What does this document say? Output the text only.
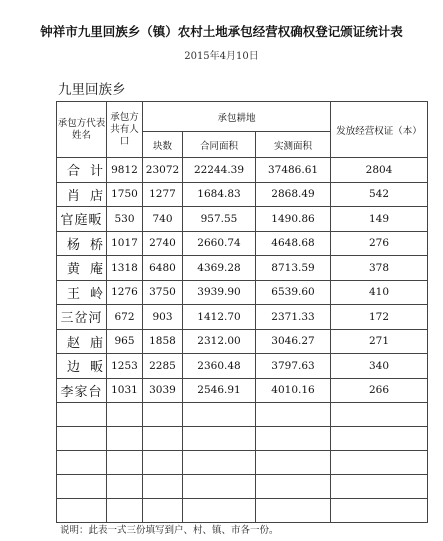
钟祥市九里回族乡（镇）农村土地承包经营权确权登记颁证统计表
2015年4月10日
九里回族乡
承包方代表姓名	承包方共有人口	承包耕地			发放经营权证（本）
		块数	合同面积	实测面积	
合计	9812	23072	22244.39	37486.61	2804
肖店	1750	1277	1684.83	2868.49	542
官庭畈	530	740	957.55	1490.86	149
杨桥	1017	2740	2660.74	4648.68	276
黄庵	1318	6480	4369.28	8713.59	378
王岭	1276	3750	3939.90	6539.60	410
三岔河	672	903	1412.70	2371.33	172
赵庙	965	1858	2312.00	3046.27	271
边畈	1253	2285	2360.48	3797.63	340
李家台	1031	3039	2546.91	4010.16	266

说明：此表一式三份填写到户、村、镇、市各一份。
